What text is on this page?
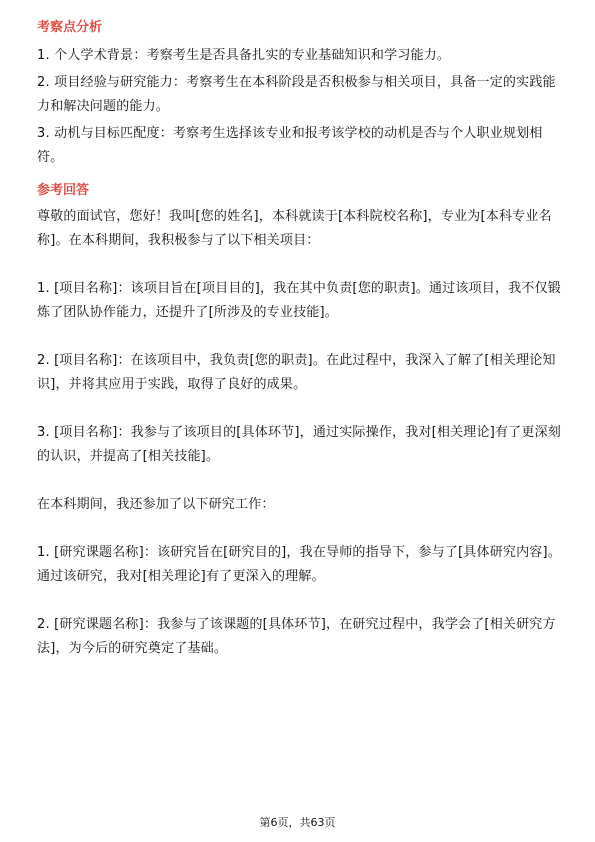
考察点分析

1. 个人学术背景：考察考生是否具备扎实的专业基础知识和学习能力。

2. 项目经验与研究能力：考察考生在本科阶段是否积极参与相关项目，具备一定的实践能力和解决问题的能力。

3. 动机与目标匹配度：考察考生选择该专业和报考该学校的动机是否与个人职业规划相符。

参考回答

尊敬的面试官，您好！我叫[您的姓名]，本科就读于[本科院校名称]，专业为[本科专业名称]。在本科期间，我积极参与了以下相关项目：

1. [项目名称]：该项目旨在[项目目的]，我在其中负责[您的职责]。通过该项目，我不仅锻炼了团队协作能力，还提升了[所涉及的专业技能]。

2. [项目名称]：在该项目中，我负责[您的职责]。在此过程中，我深入了解了[相关理论知识]，并将其应用于实践，取得了良好的成果。

3. [项目名称]：我参与了该项目的[具体环节]，通过实际操作，我对[相关理论]有了更深刻的认识，并提高了[相关技能]。

在本科期间，我还参加了以下研究工作：

1. [研究课题名称]：该研究旨在[研究目的]，我在导师的指导下，参与了[具体研究内容]。通过该研究，我对[相关理论]有了更深入的理解。

2. [研究课题名称]：我参与了该课题的[具体环节]，在研究过程中，我学会了[相关研究方法]，为今后的研究奠定了基础。

第6页，共63页
